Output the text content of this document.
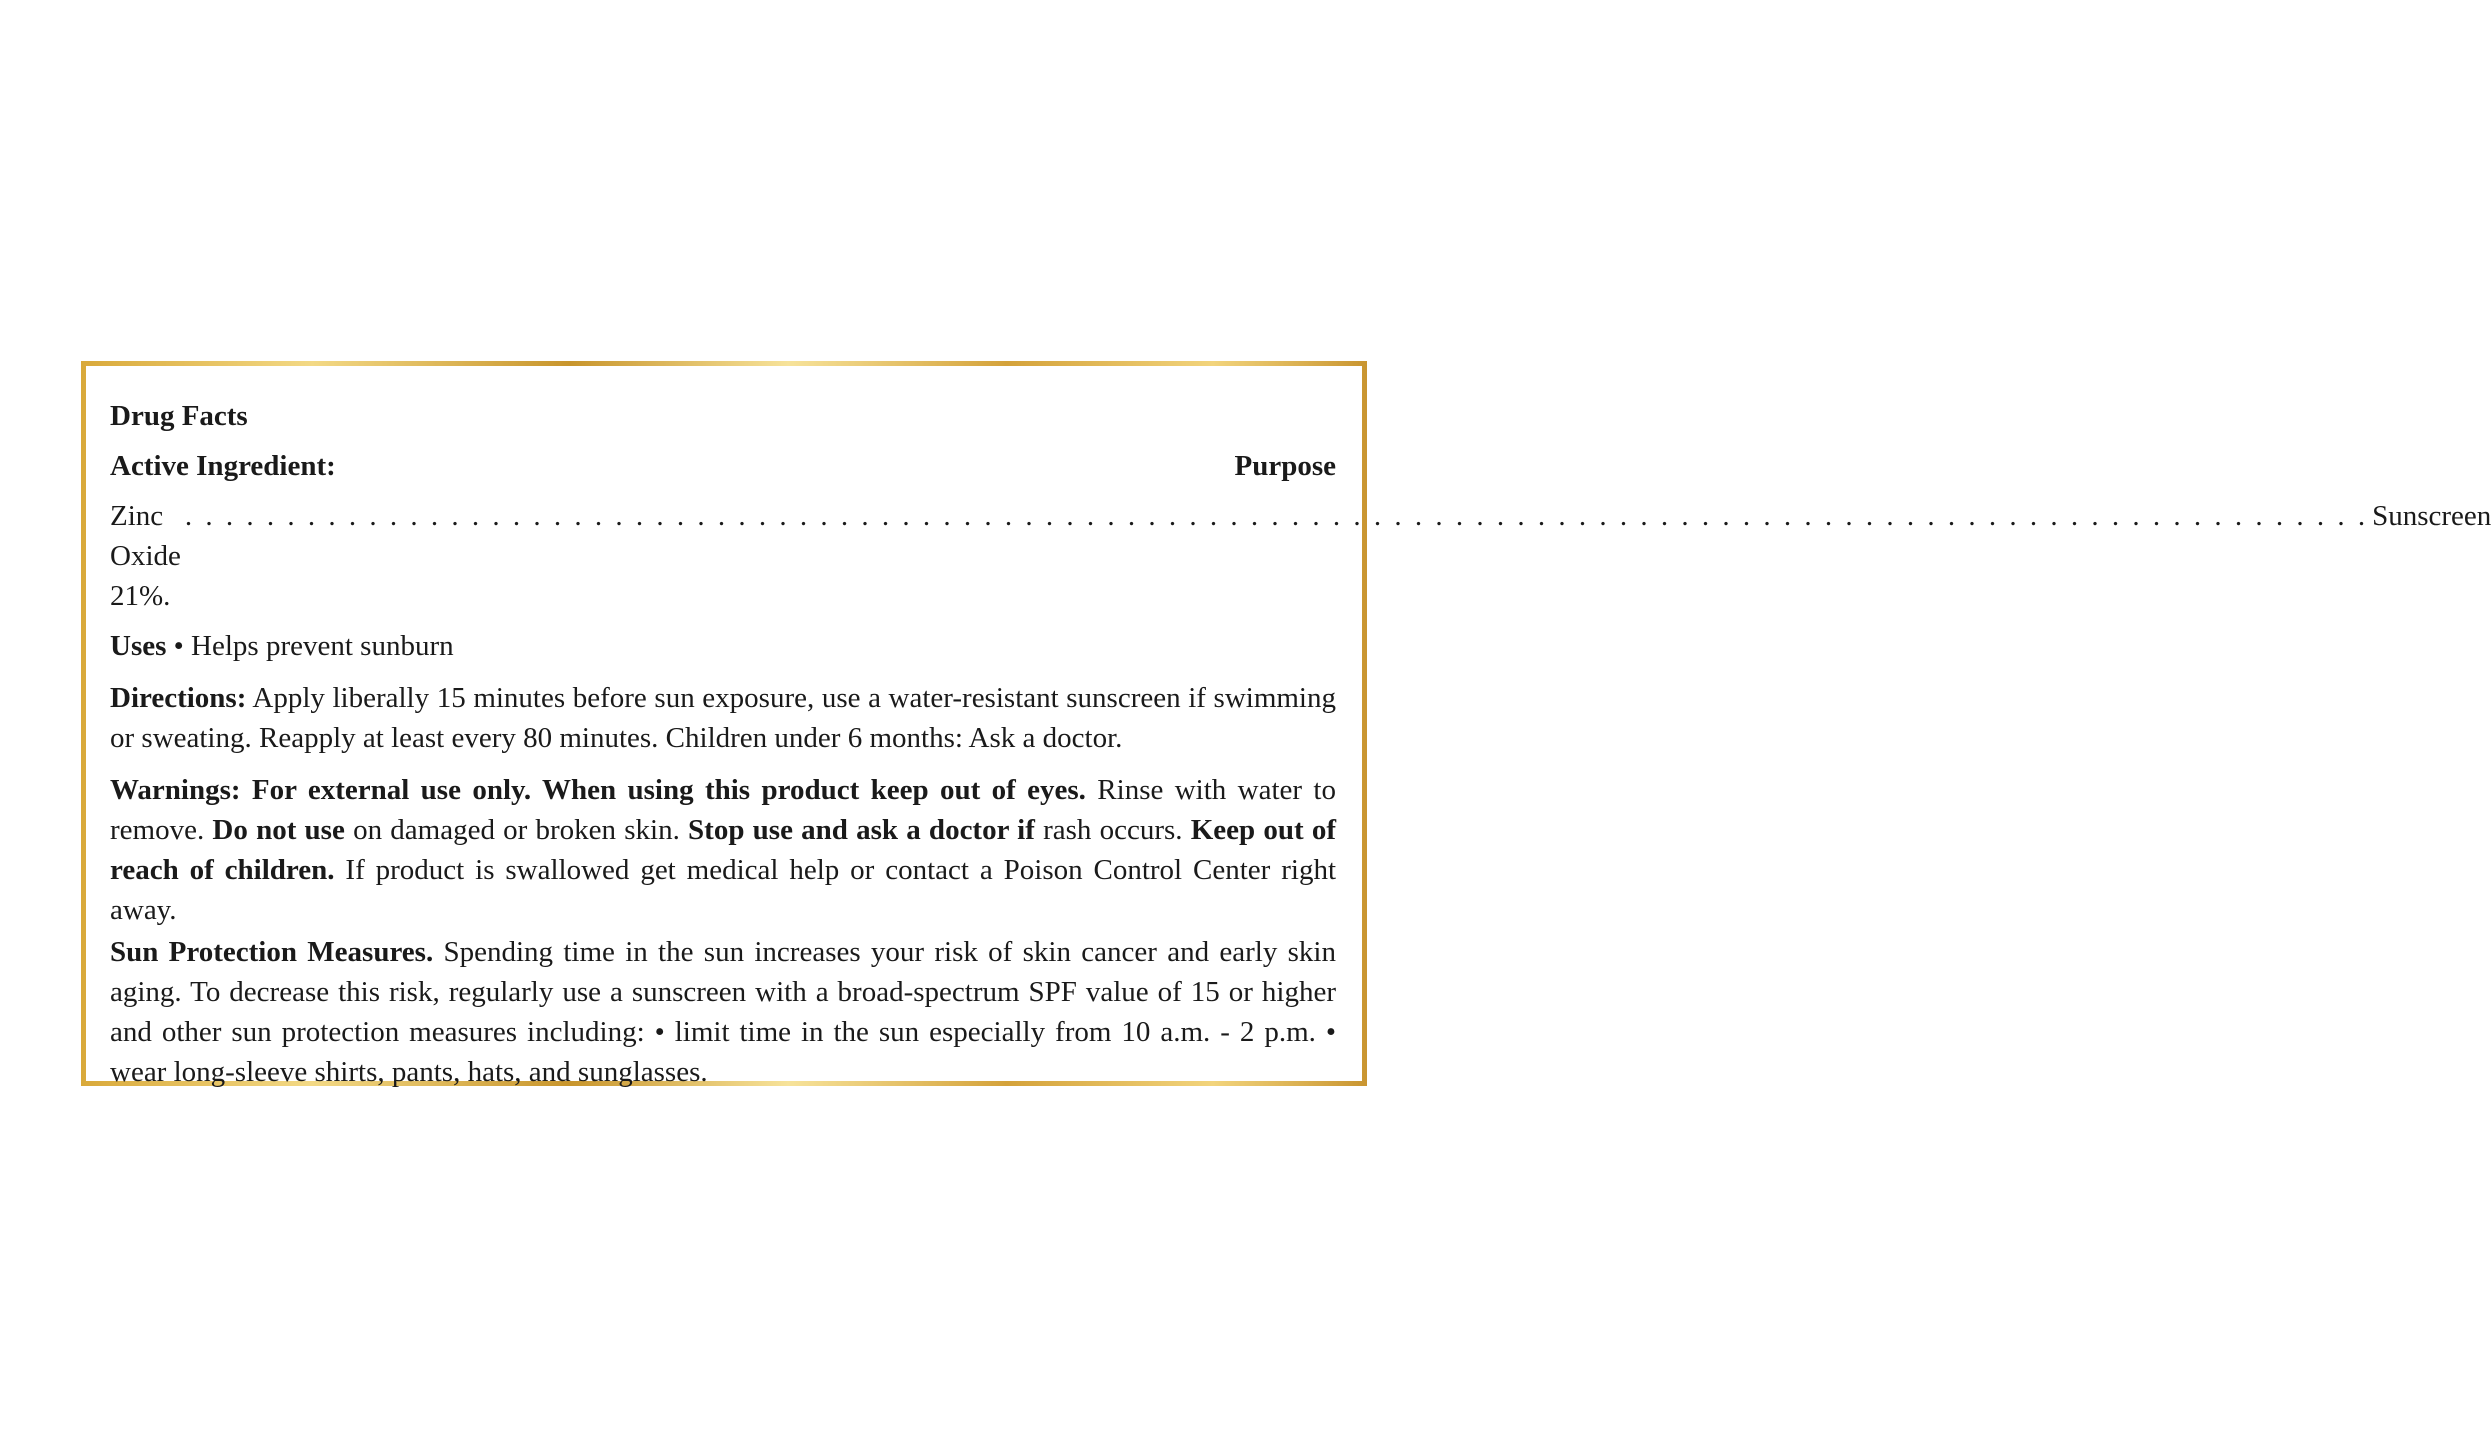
Drug Facts
Active Ingredient:	Purpose
Zinc Oxide 21%.
. . . . . . . . . . . . . . . . . . . . . . . . . . . . . . . . . . . . . . . . . . . . . . . . . . . . . . . . . . . . . . . . . . . . . . . . . . . . . . . . . . . . . . . . . . . . . . . . . . . . . . . . . . . Sunscreen
Uses • Helps prevent sunburn
Directions: Apply liberally 15 minutes before sun exposure, use a water-resistant sunscreen if swimming or sweating. Reapply at least every 80 minutes. Children under 6 months: Ask a doctor.
Warnings: For external use only. When using this product keep out of eyes. Rinse with water to remove. Do not use on damaged or broken skin. Stop use and ask a doctor if rash occurs. Keep out of reach of children. If product is swallowed get medical help or contact a Poison Control Center right away.
Sun Protection Measures. Spending time in the sun increases your risk of skin cancer and early skin aging. To decrease this risk, regularly use a sunscreen with a broad-spectrum SPF value of 15 or higher and other sun protection measures including: • limit time in the sun especially from 10 a.m. - 2 p.m. • wear long-sleeve shirts, pants, hats, and sunglasses.
